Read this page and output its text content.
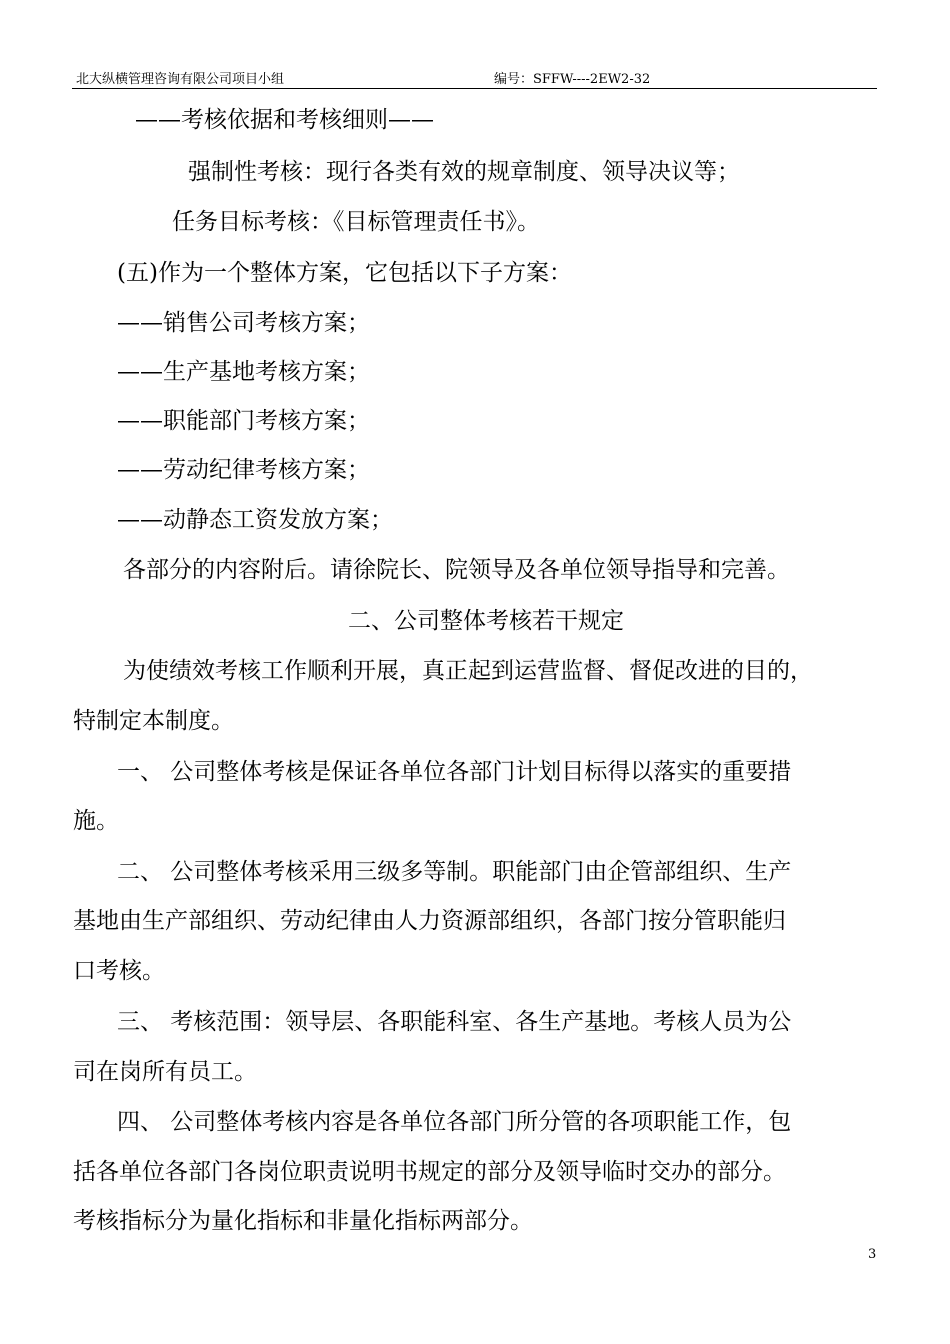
北大纵横管理咨询有限公司项目小组	编号：SFFW----2EW2-32
——考核依据和考核细则——
强制性考核：现行各类有效的规章制度、领导决议等；
任务目标考核：《目标管理责任书》。
(五)作为一个整体方案，它包括以下子方案：
——销售公司考核方案；
——生产基地考核方案；
——职能部门考核方案；
——劳动纪律考核方案；
——动静态工资发放方案；
各部分的内容附后。请徐院长、院领导及各单位领导指导和完善。
二、公司整体考核若干规定
为使绩效考核工作顺利开展，真正起到运营监督、督促改进的目的，
特制定本制度。
一、 公司整体考核是保证各单位各部门计划目标得以落实的重要措
施。
二、 公司整体考核采用三级多等制。职能部门由企管部组织、生产
基地由生产部组织、劳动纪律由人力资源部组织，各部门按分管职能归
口考核。
三、 考核范围：领导层、各职能科室、各生产基地。考核人员为公
司在岗所有员工。
四、 公司整体考核内容是各单位各部门所分管的各项职能工作，包
括各单位各部门各岗位职责说明书规定的部分及领导临时交办的部分。
考核指标分为量化指标和非量化指标两部分。
3
